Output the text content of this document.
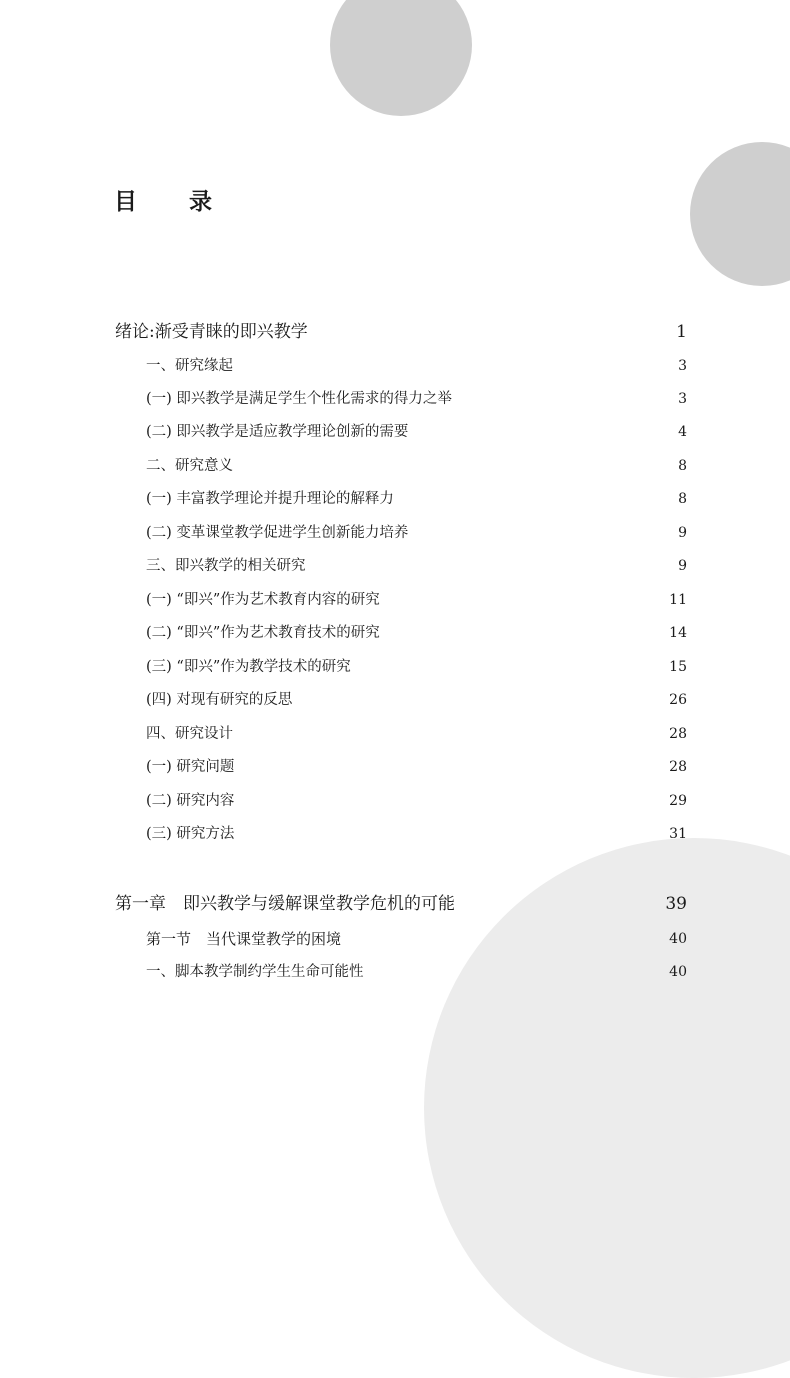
目 录
绪论:渐受青睐的即兴教学	1
一、研究缘起	3
(一) 即兴教学是满足学生个性化需求的得力之举	3
(二) 即兴教学是适应教学理论创新的需要	4
二、研究意义	8
(一) 丰富教学理论并提升理论的解释力	8
(二) 变革课堂教学促进学生创新能力培养	9
三、即兴教学的相关研究	9
(一) “即兴”作为艺术教育内容的研究	11
(二) “即兴”作为艺术教育技术的研究	14
(三) “即兴”作为教学技术的研究	15
(四) 对现有研究的反思	26
四、研究设计	28
(一) 研究问题	28
(二) 研究内容	29
(三) 研究方法	31
第一章　即兴教学与缓解课堂教学危机的可能	39
第一节　当代课堂教学的困境	40
一、脚本教学制约学生生命可能性	40
